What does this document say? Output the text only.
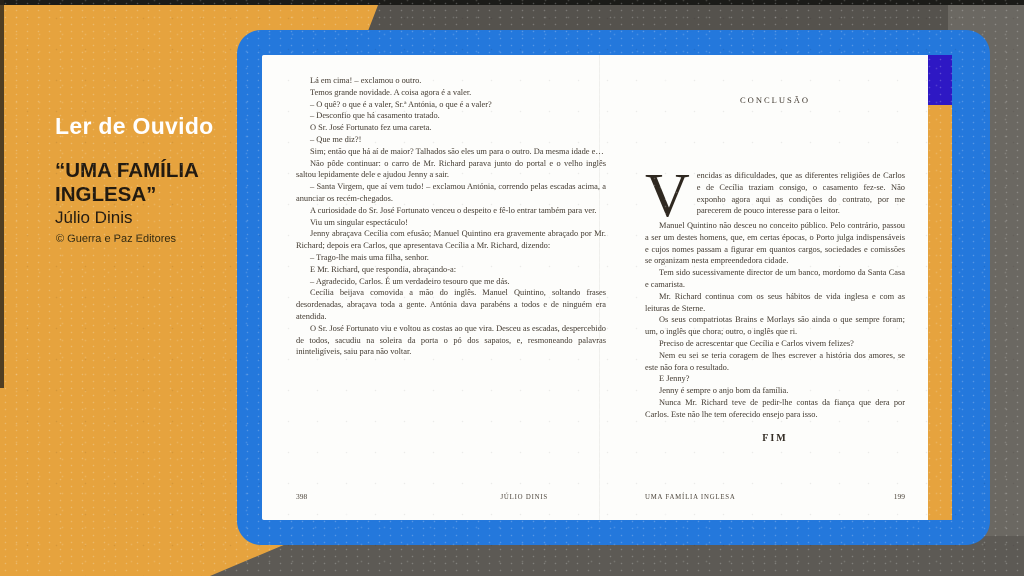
Ler de Ouvido
“UMA FAMÍLIA INGLESA”
Júlio Dinis
© Guerra e Paz Editores

Lá em cima! – exclamou o outro.

Temos grande novidade. A coisa agora é a valer.

– O quê? o que é a valer, Sr.ª Antónia, o que é a valer?

– Desconfio que há casamento tratado.

O Sr. José Fortunato fez uma careta.

– Que me diz?!

Sim; então que há aí de maior? Talhados são eles um para o outro. Da mesma idade e…

Não pôde continuar: o carro de Mr. Richard parava junto do portal e o velho inglês saltou lepidamente dele e ajudou Jenny a sair.

– Santa Virgem, que aí vem tudo! – exclamou Antónia, correndo pelas escadas acima, a anunciar os recém-chegados.

A curiosidade do Sr. José Fortunato venceu o despeito e fê-lo entrar também para ver.

Viu um singular espectáculo!

Jenny abraçava Cecília com efusão; Manuel Quintino era gravemente abraçado por Mr. Richard; depois era Carlos, que apresentava Cecília a Mr. Richard, dizendo:

– Trago-lhe mais uma filha, senhor.

E Mr. Richard, que respondia, abraçando-a:

– Agradecido, Carlos. É um verdadeiro tesouro que me dás.

Cecília beijava comovida a mão do inglês. Manuel Quintino, soltando frases desordenadas, abraçava toda a gente. Antónia dava parabéns a todos e de ninguém era atendida.

O Sr. José Fortunato viu e voltou as costas ao que vira. Desceu as escadas, despercebido de todos, sacudiu na soleira da porta o pó dos sapatos, e, resmoneando palavras ininteligíveis, saiu para não voltar.

398	JÚLIO DINIS
CONCLUSÃO
Vencidas as dificuldades, que as diferentes religiões de Carlos e de Cecília traziam consigo, o casamento fez-se. Não exponho agora aqui as condições do contrato, por me parecerem de pouco interesse para o leitor.

Manuel Quintino não desceu no conceito público. Pelo contrário, passou a ser um destes homens, que, em certas épocas, o Porto julga indispensáveis e cujos nomes passam a figurar em quantos cargos, sociedades e comissões se organizam nesta empreendedora cidade.

Tem sido sucessivamente director de um banco, mordomo da Santa Casa e camarista.

Mr. Richard continua com os seus hábitos de vida inglesa e com as leituras de Sterne.

Os seus compatriotas Brains e Morlays são ainda o que sempre foram; um, o inglês que chora; outro, o inglês que ri.

Preciso de acrescentar que Cecília e Carlos vivem felizes?

Nem eu sei se teria coragem de lhes escrever a história dos amores, se este não fora o resultado.

E Jenny?

Jenny é sempre o anjo bom da família.

Nunca Mr. Richard teve de pedir-lhe contas da fiança que dera por Carlos. Este não lhe tem oferecido ensejo para isso.

FIM
UMA FAMÍLIA INGLESA	199
